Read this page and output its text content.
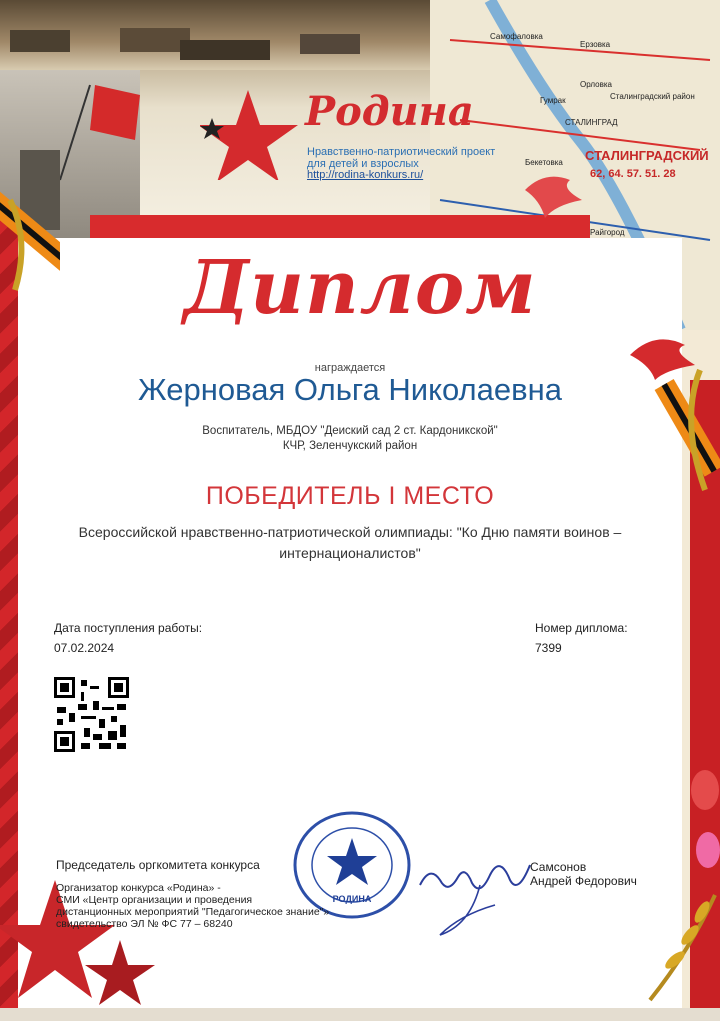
Самофаловка
Ерзовка
Орловка
Гумрак
СТАЛИНГРАД
Бекетовка СТАЛИНГРАДСКИЙ
62, 64. 57. 51. 28
Сталинградский район
Райгород
Родина
Нравственно-патриотический проект
для детей и взрослых
http://rodina-konkurs.ru/
Диплом
награждается
Жерновая Ольга Николаевна
Воспитатель, МБДОУ "Деиский сад 2 ст. Кардоникской"
КЧР, Зеленчукский район
ПОБЕДИТЕЛЬ I МЕСТО
Всероссийской нравственно-патриотической олимпиады: "Ко Дню памяти воинов –
интернационалистов"
Дата поступления работы:
07.02.2024
Номер диплома:
7399
РОДИНА
Председатель оргкомитета конкурса
Организатор конкурса «Родина» -
СМИ «Центр организации и проведения
дистанционных мероприятий "Педагогическое знание"»
свидетельство ЭЛ № ФС 77 – 68240
Самсонов
Андрей Федорович
